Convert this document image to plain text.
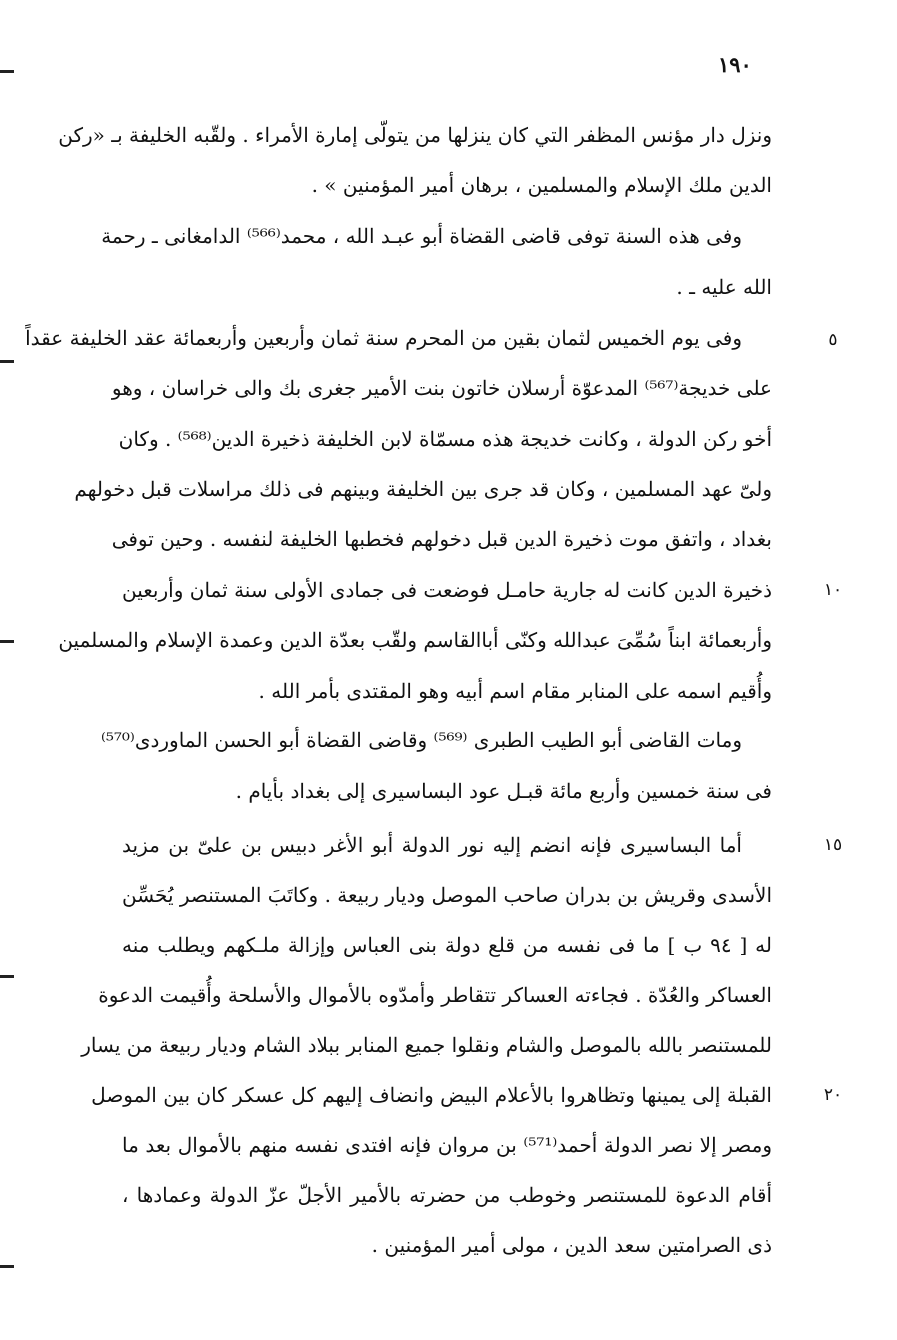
١٩٠
٥
١٠
١٥
٢٠
ونزل دار مؤنس المظفر التي كان ينزلها من يتولّى إمارة الأمراء . ولقّبه الخليفة بـ «ركن
الدين ملك الإسلام والمسلمين ، برهان أمير المؤمنين » .
وفى هذه السنة توفى قاضى القضاة أبو عبـد الله ، محمد⁽⁵⁶⁶⁾ الدامغانى ـ رحمة
الله عليه ـ .
وفى يوم الخميس لثمان بقين من المحرم سنة ثمان وأربعين وأربعمائة عقد الخليفة عقداً
على خديجة⁽⁵⁶⁷⁾ المدعوّة أرسلان خاتون بنت الأمير جغرى بك والى خراسان ، وهو
أخو ركن الدولة ، وكانت خديجة هذه مسمّاة لابن الخليفة ذخيرة الدين⁽⁵⁶⁸⁾ . وكان
ولىّ عهد المسلمين ، وكان قد جرى بين الخليفة وبينهم فى ذلك مراسلات قبل دخولهم
بغداد ، واتفق موت ذخيرة الدين قبل دخولهم فخطبها الخليفة لنفسه . وحين توفى
ذخيرة الدين كانت له جارية حامـل فوضعت فى جمادى الأولى سنة ثمان وأربعين
وأربعمائة ابناً سُمِّىَ عبدالله وكنّى أباالقاسم ولقّب بعدّة الدين وعمدة الإسلام والمسلمين
وأُقيم اسمه على المنابر مقام اسم أبيه وهو المقتدى بأمر الله .
ومات القاضى أبو الطيب الطبرى ⁽⁵⁶⁹⁾ وقاضى القضاة أبو الحسن الماوردى⁽⁵⁷⁰⁾
فى سنة خمسين وأربع مائة قبـل عود البساسيرى إلى بغداد بأيام .
أما البساسيرى فإنه انضم إليه نور الدولة أبو الأغر دبيس بن علىّ بن مزيد
الأسدى وقريش بن بدران صاحب الموصل وديار ربيعة . وكاتَبَ المستنصر يُحَسِّن
له [ ٩٤ ب ] ما فى نفسه من قلع دولة بنى العباس وإزالة ملـكهم ويطلب منه
العساكر والعُدّة . فجاءته العساكر تتقاطر وأمدّوه بالأموال والأسلحة وأُقيمت الدعوة
للمستنصر بالله بالموصل والشام ونقلوا جميع المنابر ببلاد الشام وديار ربيعة من يسار
القبلة إلى يمينها وتظاهروا بالأعلام البيض وانضاف إليهم كل عسكر كان بين الموصل
ومصر إلا نصر الدولة أحمد⁽⁵⁷¹⁾ بن مروان فإنه افتدى نفسه منهم بالأموال بعد ما
أقام الدعوة للمستنصر وخوطب من حضرته بالأمير الأجلّ عزّ الدولة وعمادها ،
ذى الصرامتين سعد الدين ، مولى أمير المؤمنين .
